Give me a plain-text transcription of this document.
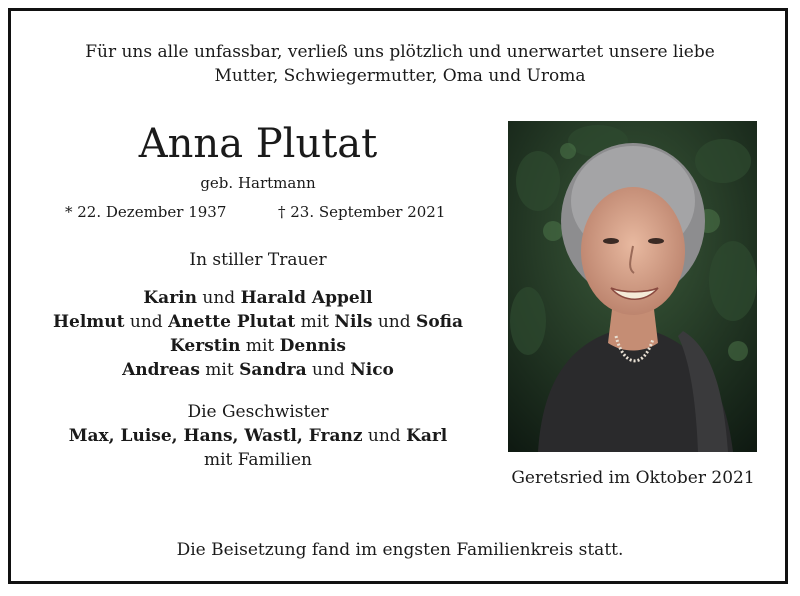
Für uns alle unfassbar, verließ uns plötzlich und unerwartet unsere liebe
Mutter, Schwiegermutter, Oma und Uroma
Anna Plutat
geb. Hartmann
* 22. Dezember 1937	† 23. September 2021
In stiller Trauer
Karin und Harald Appell
Helmut und Anette Plutat mit Nils und Sofia
Kerstin mit Dennis
Andreas mit Sandra und Nico
Die Geschwister
Max, Luise, Hans, Wastl, Franz und Karl
mit Familien
Geretsried im Oktober 2021
Die Beisetzung fand im engsten Familienkreis statt.
